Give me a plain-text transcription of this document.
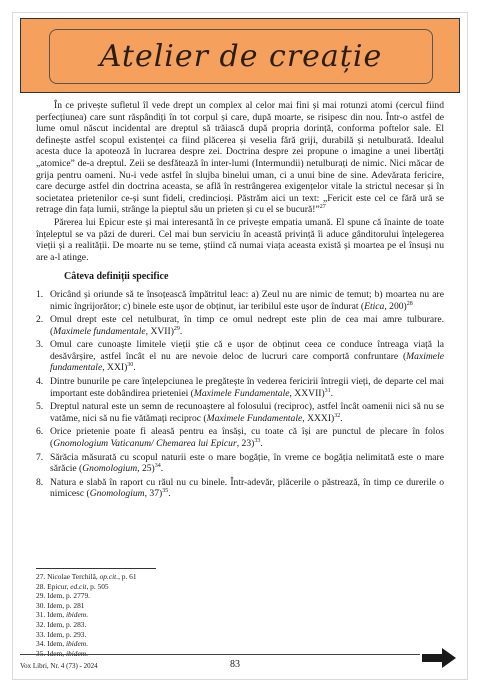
Atelier de creație

În ce privește sufletul îl vede drept un complex al celor mai fini și mai rotunzi atomi (cercul fiind perfecțiunea) care sunt răspândiți în tot corpul și care, după moarte, se risipesc din nou. Într-o astfel de lume omul născut incidental are dreptul să trăiască după propria dorință, conforma poftelor sale. El definește astfel scopul existenței ca fiind plăcerea și veselia fără griji, durabilă și netulburată. Idealul acesta duce la apoteoză în lucrarea despre zei. Doctrina despre zei propune o imagine a unei libertăți „atomice” de-a dreptul. Zeii se desfătează în inter-lumi (Intermundii) netulburați de nimic. Nici măcar de grija pentru oameni. Nu-i vede astfel în slujba binelui uman, ci a unui bine de sine. Adevărata fericire, care decurge astfel din doctrina aceasta, se află în restrângerea exigențelor vitale la strictul necesar și în societatea prietenilor ce-și sunt fideli, credincioși. Păstrăm aici un text: „Fericit este cel ce fără ură se retrage din fața lumii, strânge la pieptul său un prieten și cu el se bucură!”$^{27}$

Părerea lui Epicur este și mai interesantă în ce privește empatia umană. El spune că înainte de toate înțeleptul se va păzi de dureri. Cel mai bun serviciu în această privință îi aduce gânditorului înțelegerea vieții și a realității. De moarte nu se teme, știind că numai viața aceasta există și moartea pe el însuși nu are a-l atinge.

Câteva definiții specifice
1. Oricând și oriunde să te însoțească împătritul leac: a) Zeul nu are nimic de temut; b) moartea nu are nimic îngrijorător; c) binele este ușor de obținut, iar teribilul este ușor de îndurat (Etica, 200)$^{28}$
2. Omul drept este cel netulburat, în timp ce omul nedrept este plin de cea mai amre tulburare. (Maximele fundamentale, XVII)$^{29}$.
3. Omul care cunoaște limitele vieții știe că e ușor de obținut ceea ce conduce întreaga viață la desăvârșire, astfel încât el nu are nevoie deloc de lucruri care comportă confruntare (Maximele fundamentale, XXI)$^{30}$.
4. Dintre bunurile pe care înțelepciunea le pregătește în vederea fericirii întregii vieți, de departe cel mai important este dobândirea prieteniei (Maximele Fundamentale, XXVII)$^{31}$.
5. Dreptul natural este un semn de recunoaștere al folosului (reciproc), astfel încât oamenii nici să nu se vatăme, nici să nu fie vătămați reciproc (Maximele Fundamentale, XXXI)$^{32}$.
6. Orice prietenie poate fi aleasă pentru ea însăși, cu toate că își are punctul de plecare în folos (Gnomologium Vaticanum/ Chemarea lui Epicur, 23)$^{33}$.
7. Sărăcia măsurată cu scopul naturii este o mare bogăție, în vreme ce bogăția nelimitată este o mare sărăcie (Gnomologium, 25)$^{34}$.
8. Natura e slabă în raport cu răul nu cu binele. Într-adevăr, plăcerile o păstrează, în timp ce durerile o nimicesc (Gnomologium, 37)$^{35}$.
27. Nicolae Terchilă, op.cit., p. 61
28. Epicur, ed.cit, p. 505
29. Idem, p. 2779.
30. Idem, p. 281
31. Idem, ibidem.
32. Idem, p. 283.
33. Idem, p. 293.
34. Idem, ibidem.
35. Idem, ibidem.
Vox Libri, Nr. 4 (73) - 2024	83
